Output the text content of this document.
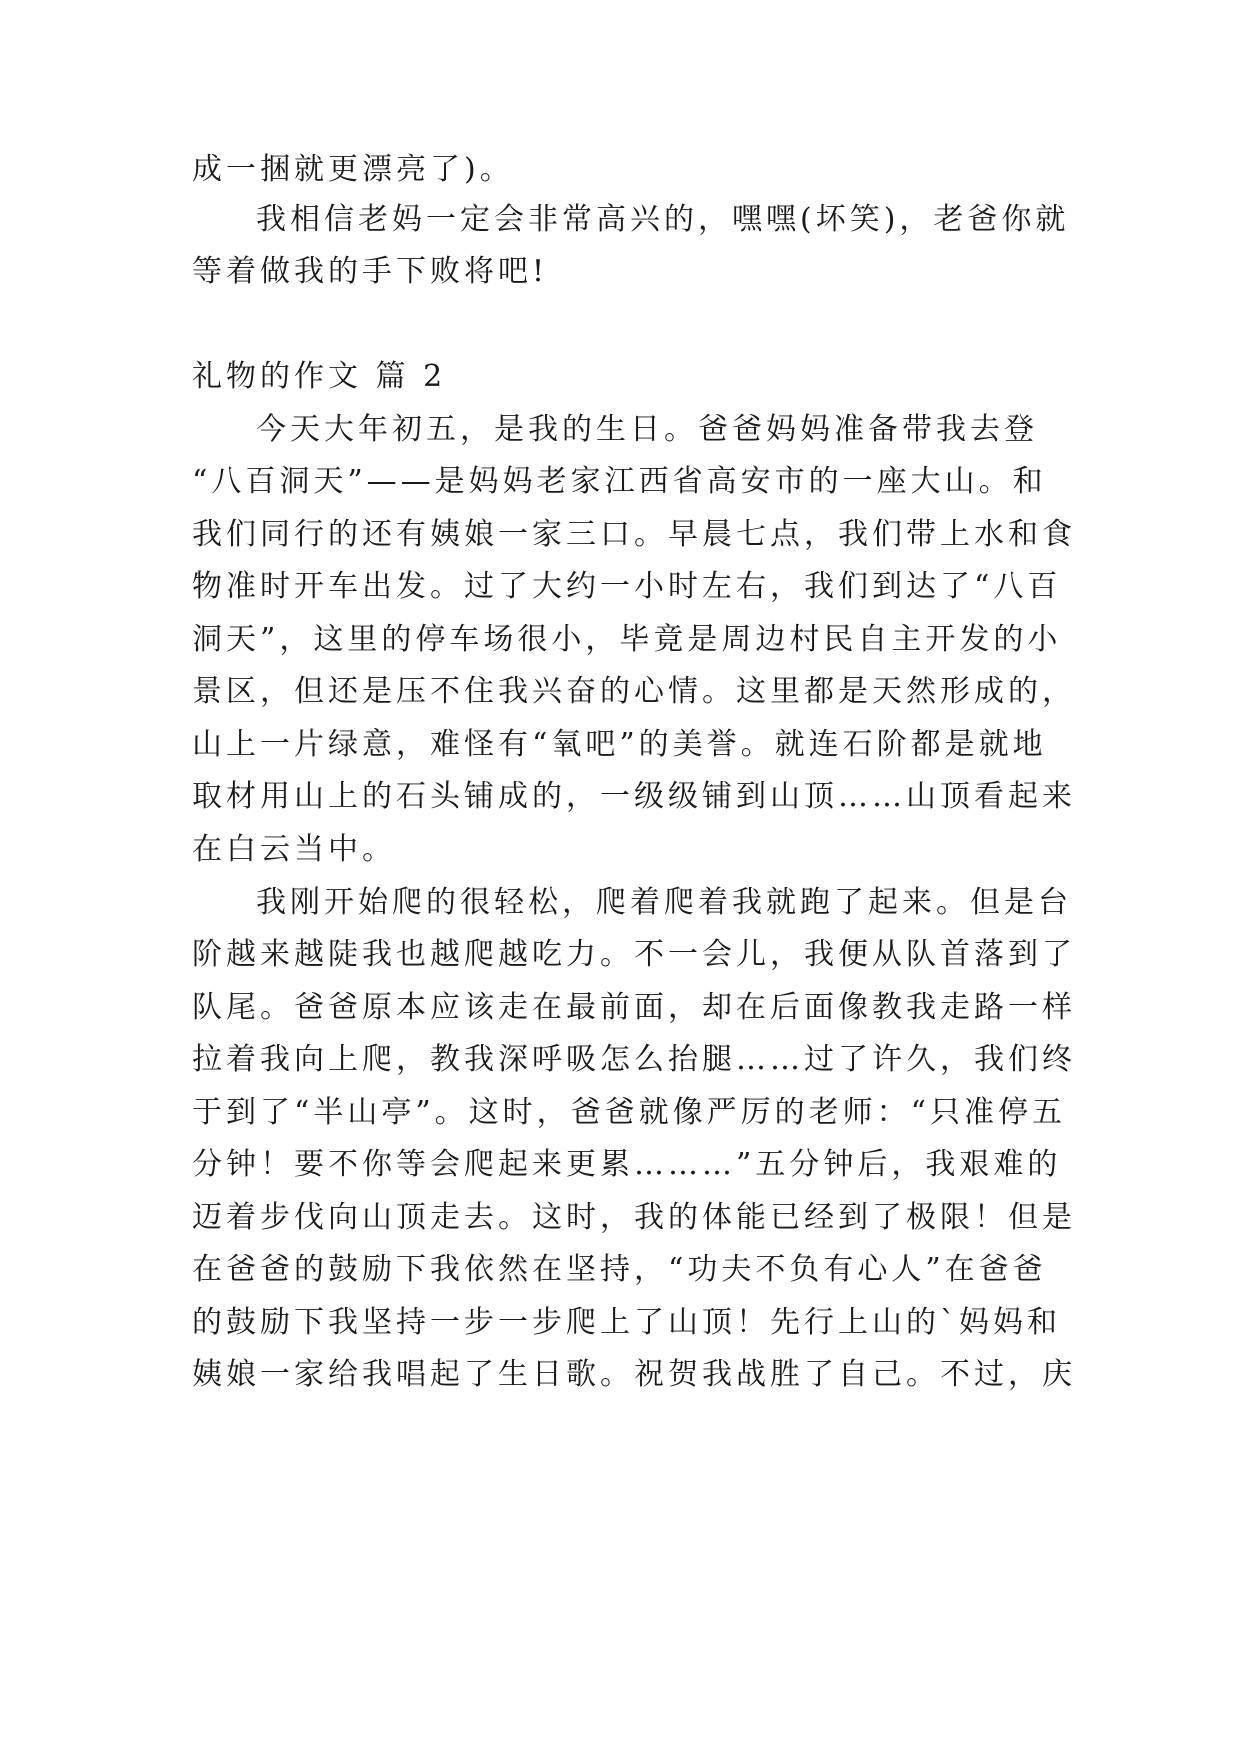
成一捆就更漂亮了)。

我相信老妈一定会非常高兴的，嘿嘿(坏笑)，老爸你就

等着做我的手下败将吧!

礼物的作文 篇 2

今天大年初五，是我的生日。爸爸妈妈准备带我去登

“八百洞天”——是妈妈老家江西省高安市的一座大山。和

我们同行的还有姨娘一家三口。早晨七点，我们带上水和食

物准时开车出发。过了大约一小时左右，我们到达了“八百

洞天”，这里的停车场很小，毕竟是周边村民自主开发的小

景区，但还是压不住我兴奋的心情。这里都是天然形成的，

山上一片绿意，难怪有“氧吧”的美誉。就连石阶都是就地

取材用山上的石头铺成的，一级级铺到山顶……山顶看起来

在白云当中。

我刚开始爬的很轻松，爬着爬着我就跑了起来。但是台

阶越来越陡我也越爬越吃力。不一会儿，我便从队首落到了

队尾。爸爸原本应该走在最前面，却在后面像教我走路一样

拉着我向上爬，教我深呼吸怎么抬腿……过了许久，我们终

于到了“半山亭”。这时，爸爸就像严厉的老师：“只准停五

分钟！要不你等会爬起来更累………”五分钟后，我艰难的

迈着步伐向山顶走去。这时，我的体能已经到了极限！但是

在爸爸的鼓励下我依然在坚持，“功夫不负有心人”在爸爸

的鼓励下我坚持一步一步爬上了山顶！先行上山的`妈妈和

姨娘一家给我唱起了生日歌。祝贺我战胜了自己。不过，庆
